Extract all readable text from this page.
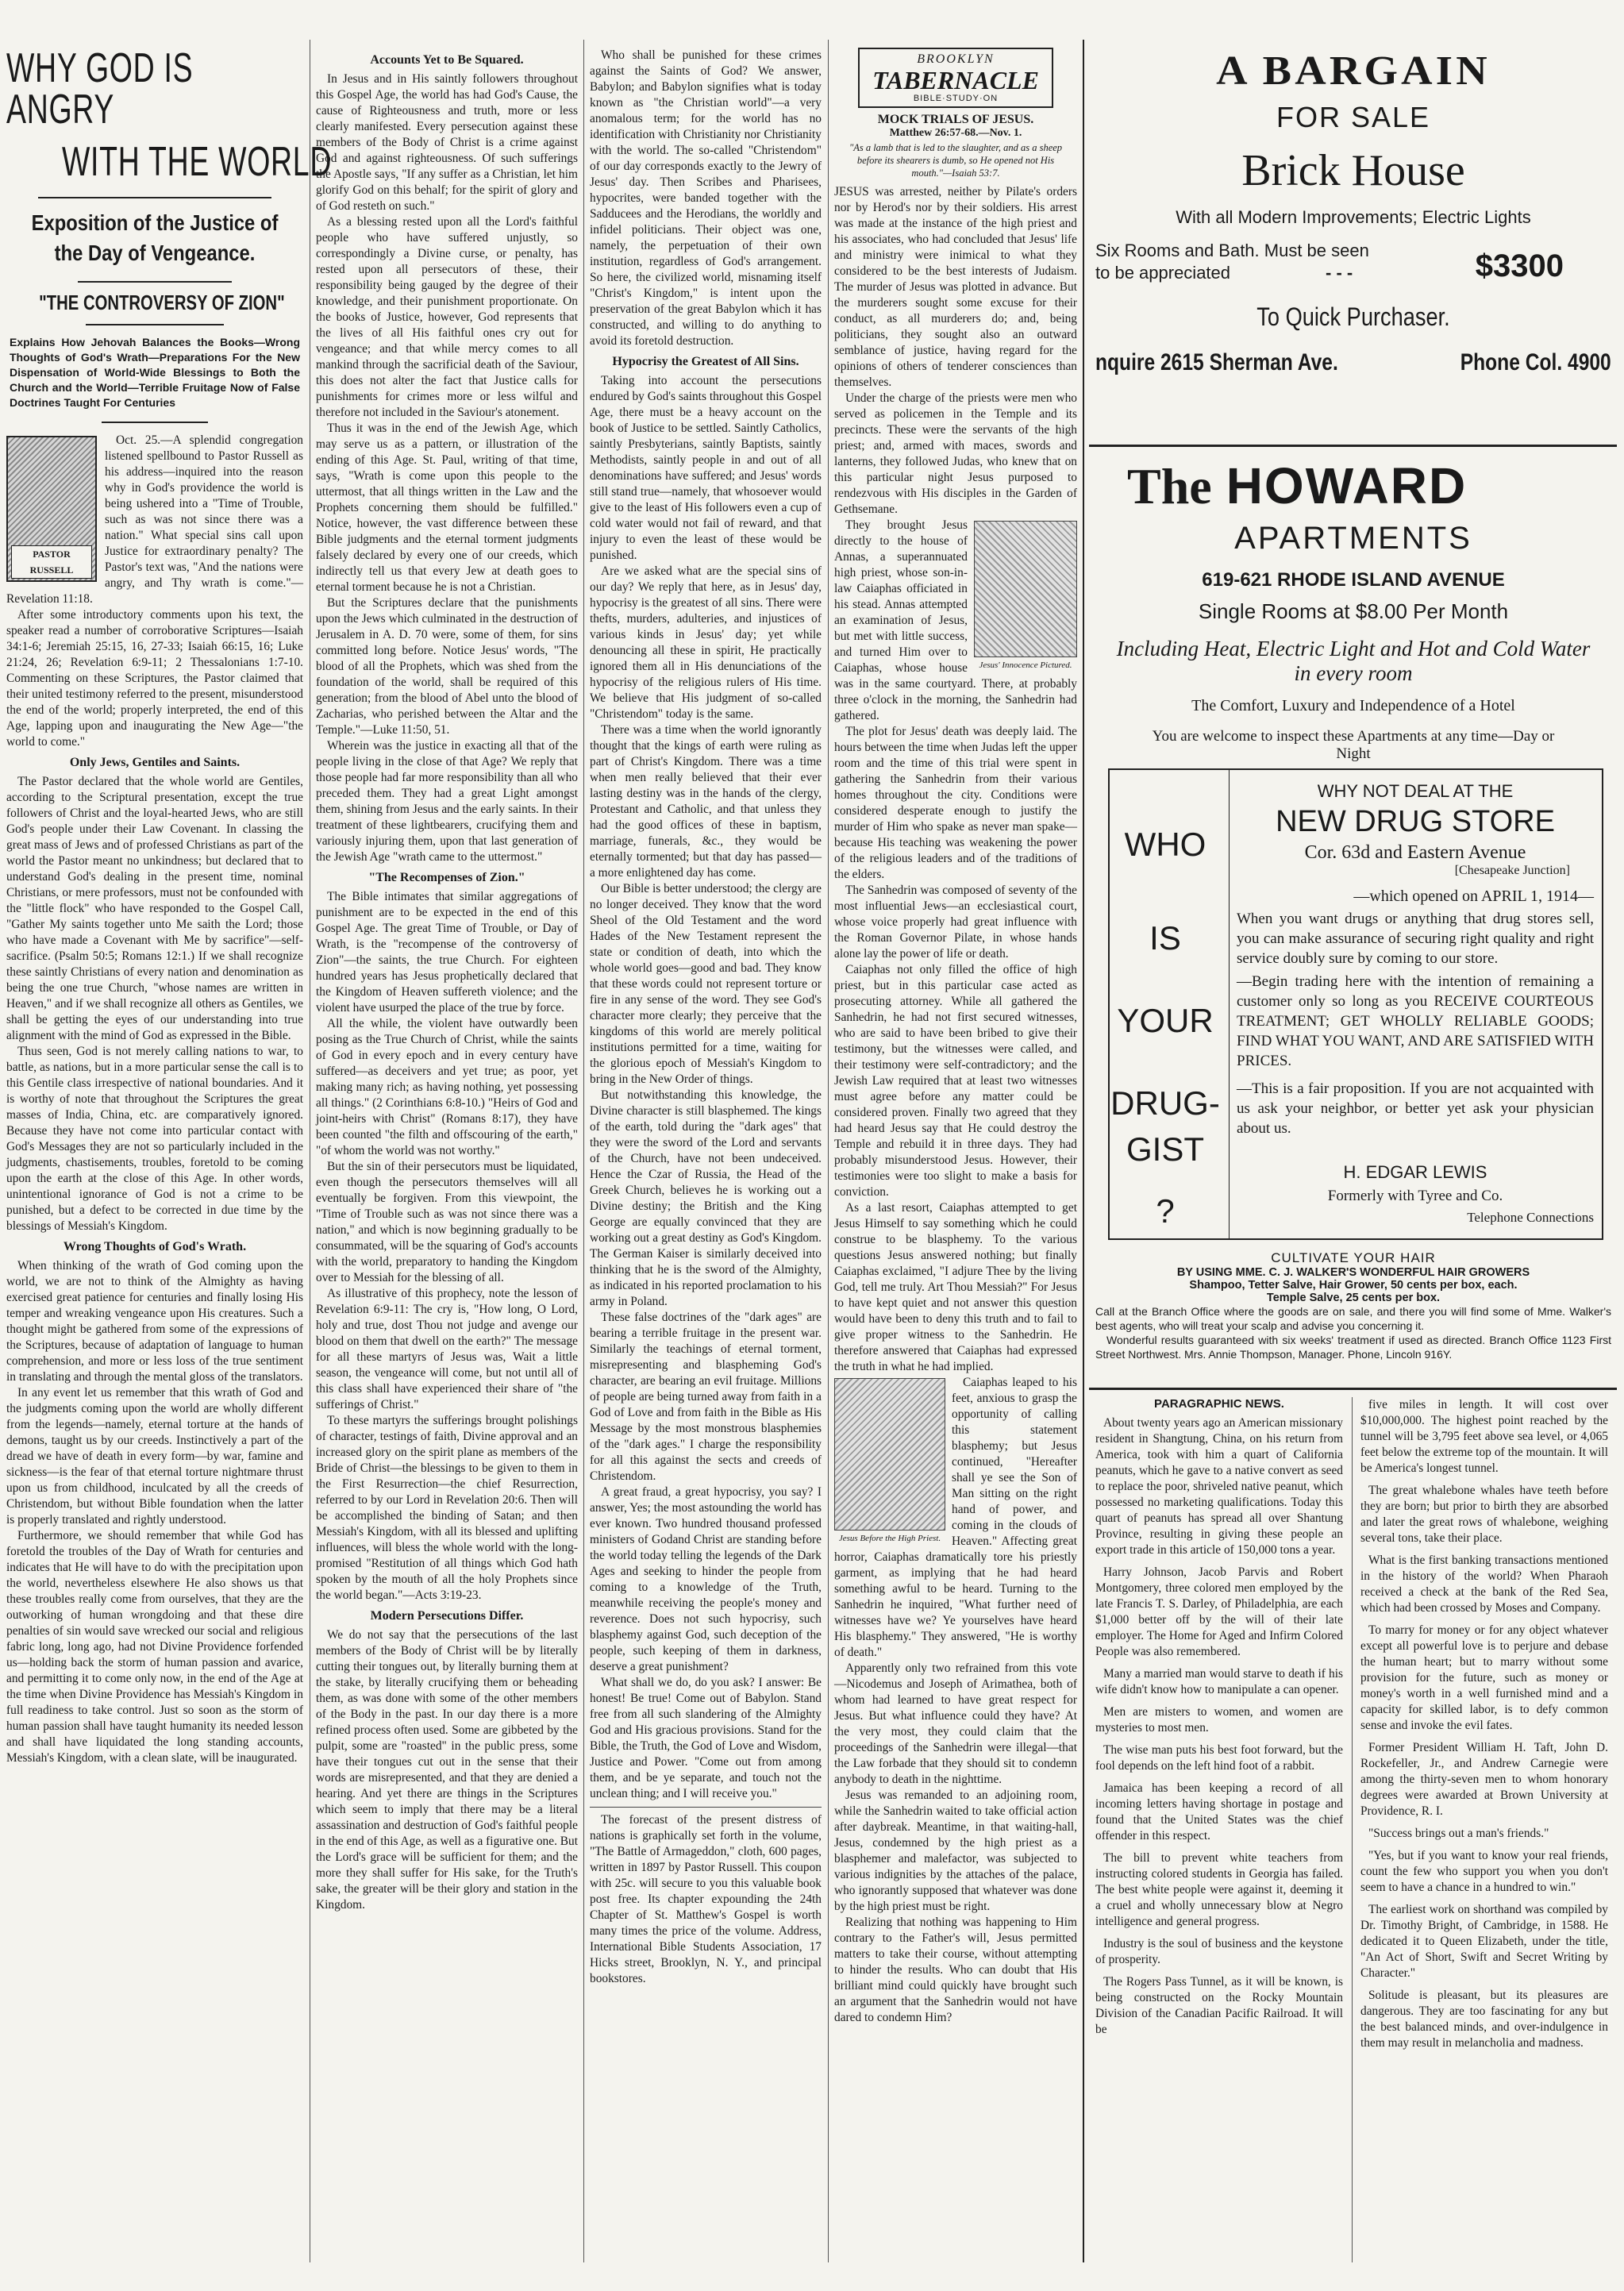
WHY GOD IS ANGRY
WITH THE WORLD
Exposition of the Justice of the Day of Vengeance.
"THE CONTROVERSY OF ZION"
Explains How Jehovah Balances the Books—Wrong Thoughts of God's Wrath—Preparations For the New Dispensation of World-Wide Blessings to Both the Church and the World—Terrible Fruitage Now of False Doctrines Taught For Centuries
PASTOR RUSSELL

Oct. 25.—A splendid congregation listened spellbound to Pastor Russell as his address—inquired into the reason why in God's providence the world is being ushered into a "Time of Trouble, such as was not since there was a nation." What special sins call upon Justice for extraordinary penalty? The Pastor's text was, "And the nations were angry, and Thy wrath is come."—Revelation 11:18.

After some introductory comments upon his text, the speaker read a number of corroborative Scriptures—Isaiah 34:1-6; Jeremiah 25:15, 16, 27-33; Isaiah 66:15, 16; Luke 21:24, 26; Revelation 6:9-11; 2 Thessalonians 1:7-10. Commenting on these Scriptures, the Pastor claimed that their united testimony referred to the present, misunderstood the end of the world; properly interpreted, the end of this Age, lapping upon and inaugurating the New Age—"the world to come."

Only Jews, Gentiles and Saints.

The Pastor declared that the whole world are Gentiles, according to the Scriptural presentation, except the true followers of Christ and the loyal-hearted Jews, who are still God's people under their Law Covenant. In classing the great mass of Jews and of professed Christians as part of the world the Pastor meant no unkindness; but declared that to understand God's dealing in the present time, nominal Christians, or mere professors, must not be confounded with the "little flock" who have responded to the Gospel Call, "Gather My saints together unto Me saith the Lord; those who have made a Covenant with Me by sacrifice"—self-sacrifice. (Psalm 50:5; Romans 12:1.) If we shall recognize these saintly Christians of every nation and denomination as being the one true Church, "whose names are written in Heaven," and if we shall recognize all others as Gentiles, we shall be getting the eyes of our understanding into true alignment with the mind of God as expressed in the Bible.

Thus seen, God is not merely calling nations to war, to battle, as nations, but in a more particular sense the call is to this Gentile class irrespective of national boundaries. And it is worthy of note that throughout the Scriptures the great masses of India, China, etc. are comparatively ignored. Because they have not come into particular contact with God's Messages they are not so particularly included in the judgments, chastisements, troubles, foretold to be coming upon the earth at the close of this Age. In other words, unintentional ignorance of God is not a crime to be punished, but a defect to be corrected in due time by the blessings of Messiah's Kingdom.

Wrong Thoughts of God's Wrath.

When thinking of the wrath of God coming upon the world, we are not to think of the Almighty as having exercised great patience for centuries and finally losing His temper and wreaking vengeance upon His creatures. Such a thought might be gathered from some of the expressions of the Scriptures, because of adaptation of language to human comprehension, and more or less loss of the true sentiment in translating and through the mental gloss of the translators.

In any event let us remember that this wrath of God and the judgments coming upon the world are wholly different from the legends—namely, eternal torture at the hands of demons, taught us by our creeds. Instinctively a part of the dread we have of death in every form—by war, famine and sickness—is the fear of that eternal torture nightmare thrust upon us from childhood, inculcated by all the creeds of Christendom, but without Bible foundation when the latter is properly translated and rightly understood.

Furthermore, we should remember that while God has foretold the troubles of the Day of Wrath for centuries and indicates that He will have to do with the precipitation upon the world, nevertheless elsewhere He also shows us that these troubles really come from ourselves, that they are the outworking of human wrongdoing and that these dire penalties of sin would save wrecked our social and religious fabric long, long ago, had not Divine Providence forfended us—holding back the storm of human passion and avarice, and permitting it to come only now, in the end of the Age at the time when Divine Providence has Messiah's Kingdom in full readiness to take control. Just so soon as the storm of human passion shall have taught humanity its needed lesson and shall have liquidated the long standing accounts, Messiah's Kingdom, with a clean slate, will be inaugurated.

Accounts Yet to Be Squared.

In Jesus and in His saintly followers throughout this Gospel Age, the world has had God's Cause, the cause of Righteousness and truth, more or less clearly manifested. Every persecution against these members of the Body of Christ is a crime against God and against righteousness. Of such sufferings the Apostle says, "If any suffer as a Christian, let him glorify God on this behalf; for the spirit of glory and of God resteth on such."

As a blessing rested upon all the Lord's faithful people who have suffered unjustly, so correspondingly a Divine curse, or penalty, has rested upon all persecutors of these, their responsibility being gauged by the degree of their knowledge, and their punishment proportionate. On the books of Justice, however, God represents that the lives of all His faithful ones cry out for vengeance; and that while mercy comes to all mankind through the sacrificial death of the Saviour, this does not alter the fact that Justice calls for punishments for crimes more or less wilful and therefore not included in the Saviour's atonement.

Thus it was in the end of the Jewish Age, which may serve us as a pattern, or illustration of the ending of this Age. St. Paul, writing of that time, says, "Wrath is come upon this people to the uttermost, that all things written in the Law and the Prophets concerning them should be fulfilled." Notice, however, the vast difference between these Bible judgments and the eternal torment judgments falsely declared by every one of our creeds, which indirectly tell us that every Jew at death goes to eternal torment because he is not a Christian.

But the Scriptures declare that the punishments upon the Jews which culminated in the destruction of Jerusalem in A. D. 70 were, some of them, for sins committed long before. Notice Jesus' words, "The blood of all the Prophets, which was shed from the foundation of the world, shall be required of this generation; from the blood of Abel unto the blood of Zacharias, who perished between the Altar and the Temple."—Luke 11:50, 51.

Wherein was the justice in exacting all that of the people living in the close of that Age? We reply that those people had far more responsibility than all who preceded them. They had a great Light amongst them, shining from Jesus and the early saints. In their treatment of these lightbearers, crucifying them and variously injuring them, upon that last generation of the Jewish Age "wrath came to the uttermost."

"The Recompenses of Zion."

The Bible intimates that similar aggregations of punishment are to be expected in the end of this Gospel Age. The great Time of Trouble, or Day of Wrath, is the "recompense of the controversy of Zion"—the saints, the true Church. For eighteen hundred years has Jesus prophetically declared that the Kingdom of Heaven suffereth violence; and the violent have usurped the place of the true by force.

All the while, the violent have outwardly been posing as the True Church of Christ, while the saints of God in every epoch and in every century have suffered—as deceivers and yet true; as poor, yet making many rich; as having nothing, yet possessing all things." (2 Corinthians 6:8-10.) "Heirs of God and joint-heirs with Christ" (Romans 8:17), they have been counted "the filth and offscouring of the earth," "of whom the world was not worthy."

But the sin of their persecutors must be liquidated, even though the persecutors themselves will all eventually be forgiven. From this viewpoint, the "Time of Trouble such as was not since there was a nation," and which is now beginning gradually to be consummated, will be the squaring of God's accounts with the world, preparatory to handing the Kingdom over to Messiah for the blessing of all.

As illustrative of this prophecy, note the lesson of Revelation 6:9-11: The cry is, "How long, O Lord, holy and true, dost Thou not judge and avenge our blood on them that dwell on the earth?" The message for all these martyrs of Jesus was, Wait a little season, the vengeance will come, but not until all of this class shall have experienced their share of "the sufferings of Christ."

To these martyrs the sufferings brought polishings of character, testings of faith, Divine approval and an increased glory on the spirit plane as members of the Bride of Christ—the blessings to be given to them in the First Resurrection—the chief Resurrection, referred to by our Lord in Revelation 20:6. Then will be accomplished the binding of Satan; and then Messiah's Kingdom, with all its blessed and uplifting influences, will bless the whole world with the long-promised "Restitution of all things which God hath spoken by the mouth of all the holy Prophets since the world began."—Acts 3:19-23.

Modern Persecutions Differ.

We do not say that the persecutions of the last members of the Body of Christ will be by literally cutting their tongues out, by literally burning them at the stake, by literally crucifying them or beheading them, as was done with some of the other members of the Body in the past. In our day there is a more refined process often used. Some are gibbeted by the pulpit, some are "roasted" in the public press, some have their tongues cut out in the sense that their words are misrepresented, and that they are denied a hearing. And yet there are things in the Scriptures which seem to imply that there may be a literal assassination and destruction of God's faithful people in the end of this Age, as well as a figurative one. But the Lord's grace will be sufficient for them; and the more they shall suffer for His sake, for the Truth's sake, the greater will be their glory and station in the Kingdom.

Who shall be punished for these crimes against the Saints of God? We answer, Babylon; and Babylon signifies what is today known as "the Christian world"—a very anomalous term; for the world has no identification with Christianity nor Christianity with the world. The so-called "Christendom" of our day corresponds exactly to the Jewry of Jesus' day. Then Scribes and Pharisees, hypocrites, were banded together with the Sadducees and the Herodians, the worldly and infidel politicians. Their object was one, namely, the perpetuation of their own institution, regardless of God's arrangement. So here, the civilized world, misnaming itself "Christ's Kingdom," is intent upon the preservation of the great Babylon which it has constructed, and willing to do anything to avoid its foretold destruction.

Hypocrisy the Greatest of All Sins.

Taking into account the persecutions endured by God's saints throughout this Gospel Age, there must be a heavy account on the book of Justice to be settled. Saintly Catholics, saintly Presbyterians, saintly Baptists, saintly Methodists, saintly people in and out of all denominations have suffered; and Jesus' words still stand true—namely, that whosoever would give to the least of His followers even a cup of cold water would not fail of reward, and that injury to even the least of these would be punished.

Are we asked what are the special sins of our day? We reply that here, as in Jesus' day, hypocrisy is the greatest of all sins. There were thefts, murders, adulteries, and injustices of various kinds in Jesus' day; yet while denouncing all these in spirit, He practically ignored them all in His denunciations of the hypocrisy of the religious rulers of His time. We believe that His judgment of so-called "Christendom" today is the same.

There was a time when the world ignorantly thought that the kings of earth were ruling as part of Christ's Kingdom. There was a time when men really believed that their ever lasting destiny was in the hands of the clergy, Protestant and Catholic, and that unless they had the good offices of these in baptism, marriage, funerals, &c., they would be eternally tormented; but that day has passed—a more enlightened day has come.

Our Bible is better understood; the clergy are no longer deceived. They know that the word Sheol of the Old Testament and the word Hades of the New Testament represent the state or condition of death, into which the whole world goes—good and bad. They know that these words could not represent torture or fire in any sense of the word. They see God's character more clearly; they perceive that the kingdoms of this world are merely political institutions permitted for a time, waiting for the glorious epoch of Messiah's Kingdom to bring in the New Order of things.

But notwithstanding this knowledge, the Divine character is still blasphemed. The kings of the earth, told during the "dark ages" that they were the sword of the Lord and servants of the Church, have not been undeceived. Hence the Czar of Russia, the Head of the Greek Church, believes he is working out a Divine destiny; the British and the King George are equally convinced that they are working out a great destiny as God's Kingdom. The German Kaiser is similarly deceived into thinking that he is the sword of the Almighty, as indicated in his reported proclamation to his army in Poland.

These false doctrines of the "dark ages" are bearing a terrible fruitage in the present war. Similarly the teachings of eternal torment, misrepresenting and blaspheming God's character, are bearing an evil fruitage. Millions of people are being turned away from faith in a God of Love and from faith in the Bible as His Message by the most monstrous blasphemies of the "dark ages." I charge the responsibility for all this against the sects and creeds of Christendom.

A great fraud, a great hypocrisy, you say? I answer, Yes; the most astounding the world has ever known. Two hundred thousand professed ministers of Godand Christ are standing before the world today telling the legends of the Dark Ages and seeking to hinder the people from coming to a knowledge of the Truth, meanwhile receiving the people's money and reverence. Does not such hypocrisy, such blasphemy against God, such deception of the people, such keeping of them in darkness, deserve a great punishment?

What shall we do, do you ask? I answer: Be honest! Be true! Come out of Babylon. Stand free from all such slandering of the Almighty God and His gracious provisions. Stand for the Bible, the Truth, the God of Love and Wisdom, Justice and Power. "Come out from among them, and be ye separate, and touch not the unclean thing; and I will receive you."

The forecast of the present distress of nations is graphically set forth in the volume, "The Battle of Armageddon," cloth, 600 pages, written in 1897 by Pastor Russell. This coupon with 25c. will secure to you this valuable book post free. Its chapter expounding the 24th Chapter of St. Matthew's Gospel is worth many times the price of the volume. Address, International Bible Students Association, 17 Hicks street, Brooklyn, N. Y., and principal bookstores.

BROOKLYN
TABERNACLE
BIBLE·STUDY·ON
MOCK TRIALS OF JESUS.
Matthew 26:57-68.—Nov. 1.
"As a lamb that is led to the slaughter, and as a sheep before its shearers is dumb, so He opened not His mouth."—Isaiah 53:7.

JESUS was arrested, neither by Pilate's orders nor by Herod's nor by their soldiers. His arrest was made at the instance of the high priest and his associates, who had concluded that Jesus' life and ministry were inimical to what they considered to be the best interests of Judaism. The murder of Jesus was plotted in advance. But the murderers sought some excuse for their conduct, as all murderers do; and, being politicians, they sought also an outward semblance of justice, having regard for the opinions of others of tenderer consciences than themselves.

Under the charge of the priests were men who served as policemen in the Temple and its precincts. These were the servants of the high priest; and, armed with maces, swords and lanterns, they followed Judas, who knew that on this particular night Jesus purposed to rendezvous with His disciples in the Garden of Gethsemane.

Jesus' Innocence Pictured.

They brought Jesus directly to the house of Annas, a superannuated high priest, whose son-in-law Caiaphas officiated in his stead. Annas attempted an examination of Jesus, but met with little success, and turned Him over to Caiaphas, whose house was in the same courtyard. There, at probably three o'clock in the morning, the Sanhedrin had gathered.

The plot for Jesus' death was deeply laid. The hours between the time when Judas left the upper room and the time of this trial were spent in gathering the Sanhedrin from their various homes throughout the city. Conditions were considered desperate enough to justify the murder of Him who spake as never man spake—because His teaching was weakening the power of the religious leaders and of the traditions of the elders.

The Sanhedrin was composed of seventy of the most influential Jews—an ecclesiastical court, whose voice properly had great influence with the Roman Governor Pilate, in whose hands alone lay the power of life or death.

Caiaphas not only filled the office of high priest, but in this particular case acted as prosecuting attorney. While all gathered the Sanhedrin, he had not first secured witnesses, who are said to have been bribed to give their testimony, but the witnesses were called, and their testimony were self-contradictory; and the Jewish Law required that at least two witnesses must agree before any matter could be considered proven. Finally two agreed that they had heard Jesus say that He could destroy the Temple and rebuild it in three days. They had probably misunderstood Jesus. However, their testimonies were too slight to make a basis for conviction.

As a last resort, Caiaphas attempted to get Jesus Himself to say something which he could construe to be blasphemy. To the various questions Jesus answered nothing; but finally Caiaphas exclaimed, "I adjure Thee by the living God, tell me truly. Art Thou Messiah?" For Jesus to have kept quiet and not answer this question would have been to deny this truth and to fail to give proper witness to the Sanhedrin. He therefore answered that Caiaphas had expressed the truth in what he had implied.

Jesus Before the High Priest.

Caiaphas leaped to his feet, anxious to grasp the opportunity of calling this statement blasphemy; but Jesus continued, "Hereafter shall ye see the Son of Man sitting on the right hand of power, and coming in the clouds of Heaven." Affecting great horror, Caiaphas dramatically tore his priestly garment, as implying that he had heard something awful to be heard. Turning to the Sanhedrin he inquired, "What further need of witnesses have we? Ye yourselves have heard His blasphemy." They answered, "He is worthy of death."

Apparently only two refrained from this vote—Nicodemus and Joseph of Arimathea, both of whom had learned to have great respect for Jesus. But what influence could they have? At the very most, they could claim that the proceedings of the Sanhedrin were illegal—that the Law forbade that they should sit to condemn anybody to death in the nighttime.

Jesus was remanded to an adjoining room, while the Sanhedrin waited to take official action after daybreak. Meantime, in that waiting-hall, Jesus, condemned by the high priest as a blasphemer and malefactor, was subjected to various indignities by the attaches of the palace, who ignorantly supposed that whatever was done by the high priest must be right.

Realizing that nothing was happening to Him contrary to the Father's will, Jesus permitted matters to take their course, without attempting to hinder the results. Who can doubt that His brilliant mind could quickly have brought such an argument that the Sanhedrin would not have dared to condemn Him?

A BARGAIN
FOR SALE
Brick House
With all Modern Improvements; Electric Lights
Six Rooms and Bath. Must be seen
to be appreciated	- - -	$3300
To Quick Purchaser.
nquire 2615 Sherman Ave.	Phone Col. 4900
The HOWARD
APARTMENTS
619-621 RHODE ISLAND AVENUE
Single Rooms at $8.00 Per Month
Including Heat, Electric Light and Hot and Cold Water
in every room
The Comfort, Luxury and Independence of a Hotel
You are welcome to inspect these Apartments at any time—Day or Night
WHO
IS
YOUR
DRUG-
GIST
?
WHY NOT DEAL AT THE
NEW DRUG STORE
Cor. 63d and Eastern Avenue
[Chesapeake Junction]
—which opened on APRIL 1, 1914—
When you want drugs or anything that drug stores sell, you can make assurance of securing right quality and right service doubly sure by coming to our store.
—Begin trading here with the intention of remaining a customer only so long as you RECEIVE COURTEOUS TREATMENT; GET WHOLLY RELIABLE GOODS; FIND WHAT YOU WANT, AND ARE SATISFIED WITH PRICES.
—This is a fair proposition. If you are not acquainted with us ask your neighbor, or better yet ask your physician about us.
H. EDGAR LEWIS
Formerly with Tyree and Co.
Telephone Connections
CULTIVATE YOUR HAIR
BY USING MME. C. J. WALKER'S WONDERFUL HAIR GROWERS
Shampoo, Tetter Salve, Hair Grower, 50 cents per box, each.
Temple Salve, 25 cents per box.
Call at the Branch Office where the goods are on sale, and there you will find some of Mme. Walker's best agents, who will treat your scalp and advise you concerning it.
Wonderful results guaranteed with six weeks' treatment if used as directed. Branch Office 1123 First Street Northwest. Mrs. Annie Thompson, Manager. Phone, Lincoln 916Y.
PARAGRAPHIC NEWS.

About twenty years ago an American missionary resident in Shangtung, China, on his return from America, took with him a quart of California peanuts, which he gave to a native convert as seed to replace the poor, shriveled native peanut, which possessed no marketing qualifications. Today this quart of peanuts has spread all over Shantung Province, resulting in giving these people an export trade in this article of 150,000 tons a year.

Harry Johnson, Jacob Parvis and Robert Montgomery, three colored men employed by the late Francis T. S. Darley, of Philadelphia, are each $1,000 better off by the will of their late employer. The Home for Aged and Infirm Colored People was also remembered.

Many a married man would starve to death if his wife didn't know how to manipulate a can opener.

Men are misters to women, and women are mysteries to most men.

The wise man puts his best foot forward, but the fool depends on the left hind foot of a rabbit.

Jamaica has been keeping a record of all incoming letters having shortage in postage and found that the United States was the chief offender in this respect.

The bill to prevent white teachers from instructing colored students in Georgia has failed. The best white people were against it, deeming it a cruel and wholly unnecessary blow at Negro intelligence and general progress.

Industry is the soul of business and the keystone of prosperity.

The Rogers Pass Tunnel, as it will be known, is being constructed on the Rocky Mountain Division of the Canadian Pacific Railroad. It will be

five miles in length. It will cost over $10,000,000. The highest point reached by the tunnel will be 3,795 feet above sea level, or 4,065 feet below the extreme top of the mountain. It will be America's longest tunnel.

The great whalebone whales have teeth before they are born; but prior to birth they are absorbed and later the great rows of whalebone, weighing several tons, take their place.

What is the first banking transactions mentioned in the history of the world? When Pharaoh received a check at the bank of the Red Sea, which had been crossed by Moses and Company.

To marry for money or for any object whatever except all powerful love is to perjure and debase the human heart; but to marry without some provision for the future, such as money or money's worth in a well furnished mind and a capacity for skilled labor, is to defy common sense and invoke the evil fates.

Former President William H. Taft, John D. Rockefeller, Jr., and Andrew Carnegie were among the thirty-seven men to whom honorary degrees were awarded at Brown University at Providence, R. I.

"Success brings out a man's friends."

"Yes, but if you want to know your real friends, count the few who support you when you don't seem to have a chance in a hundred to win."

The earliest work on shorthand was compiled by Dr. Timothy Bright, of Cambridge, in 1588. He dedicated it to Queen Elizabeth, under the title, "An Act of Short, Swift and Secret Writing by Character."

Solitude is pleasant, but its pleasures are dangerous. They are too fascinating for any but the best balanced minds, and over-indulgence in them may result in melancholia and madness.
